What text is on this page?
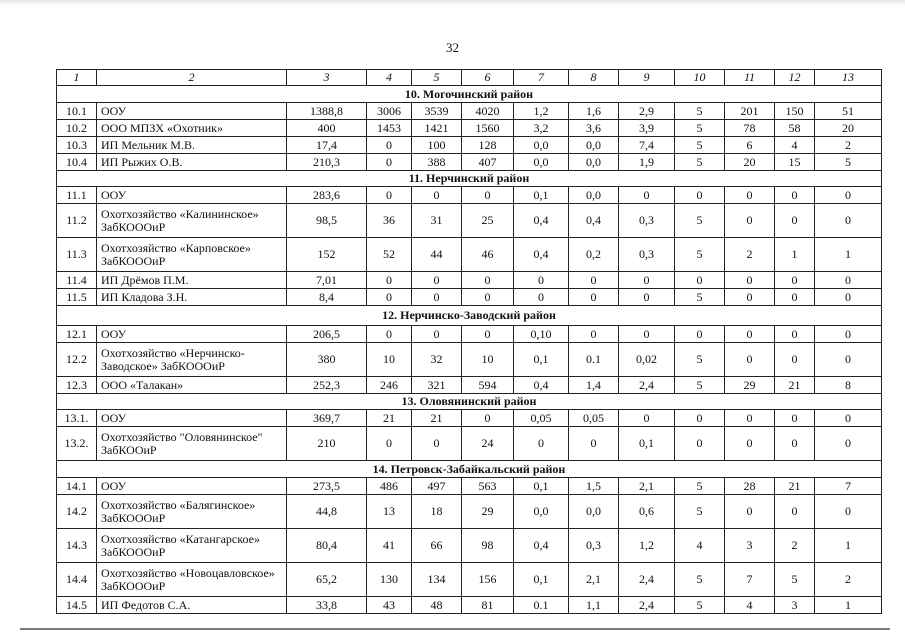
32
1	2	3	4	5	6	7	8	9	10	11	12	13
10. Могочинский район												
10.1	ООУ	1388,8	3006	3539	4020	1,2	1,6	2,9	5	201	150	51
10.2	ООО МПЗХ «Охотник»	400	1453	1421	1560	3,2	3,6	3,9	5	78	58	20
10.3	ИП Мельник М.В.	17,4	0	100	128	0,0	0,0	7,4	5	6	4	2
10.4	ИП Рыжих О.В.	210,3	0	388	407	0,0	0,0	1,9	5	20	15	5
11. Нерчинский район												
11.1	ООУ	283,6	0	0	0	0,1	0,0	0	0	0	0	0
11.2	Охотхозяйство «Калининское» ЗабКОООиР	98,5	36	31	25	0,4	0,4	0,3	5	0	0	0
11.3	Охотхозяйство «Карповское» ЗабКОООиР	152	52	44	46	0,4	0,2	0,3	5	2	1	1
11.4	ИП Дрёмов П.М.	7,01	0	0	0	0	0	0	0	0	0	0
11.5	ИП Кладова З.Н.	8,4	0	0	0	0	0	0	5	0	0	0
12. Нерчинско-Заводский район												
12.1	ООУ	206,5	0	0	0	0,10	0	0	0	0	0	0
12.2	Охотхозяйство «Нерчинско-Заводское» ЗабКОООиР	380	10	32	10	0,1	0.1	0,02	5	0	0	0
12.3	ООО «Талакан»	252,3	246	321	594	0,4	1,4	2,4	5	29	21	8
13. Оловянинский район												
13.1.	ООУ	369,7	21	21	0	0,05	0,05	0	0	0	0	0
13.2.	Охотхозяйство "Оловянинское" ЗабКООиР	210	0	0	24	0	0	0,1	0	0	0	0
14. Петровск-Забайкальский район												
14.1	ООУ	273,5	486	497	563	0,1	1,5	2,1	5	28	21	7
14.2	Охотхозяйство «Балягинское» ЗабКОООиР	44,8	13	18	29	0,0	0,0	0,6	5	0	0	0
14.3	Охотхозяйство «Катангарское» ЗабКОООиР	80,4	41	66	98	0,4	0,3	1,2	4	3	2	1
14.4	Охотхозяйство «Новоцавловское» ЗабКОООиР	65,2	130	134	156	0,1	2,1	2,4	5	7	5	2
14.5	ИП Федотов С.А.	33,8	43	48	81	0.1	1,1	2,4	5	4	3	1
